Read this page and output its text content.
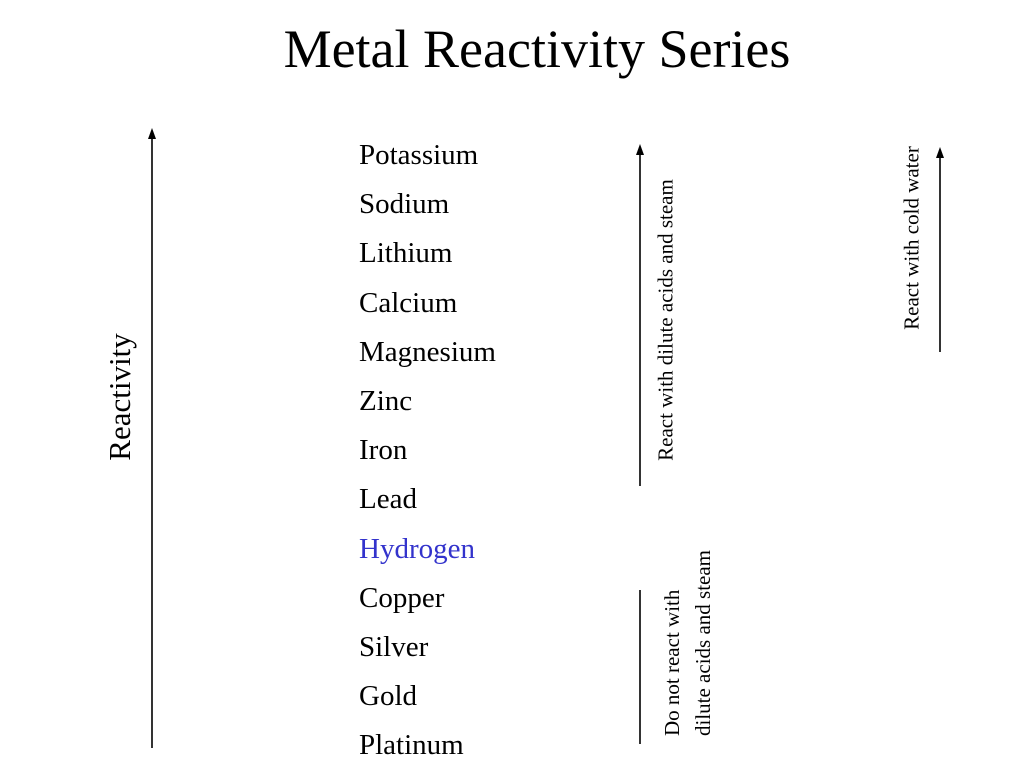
Metal Reactivity Series
Reactivity
Potassium
Sodium
Lithium
Calcium
Magnesium
Zinc
Iron
Lead
Hydrogen
Copper
Silver
Gold
Platinum
React with dilute acids and steam	React with cold water
Do not react with dilute acids and steam
